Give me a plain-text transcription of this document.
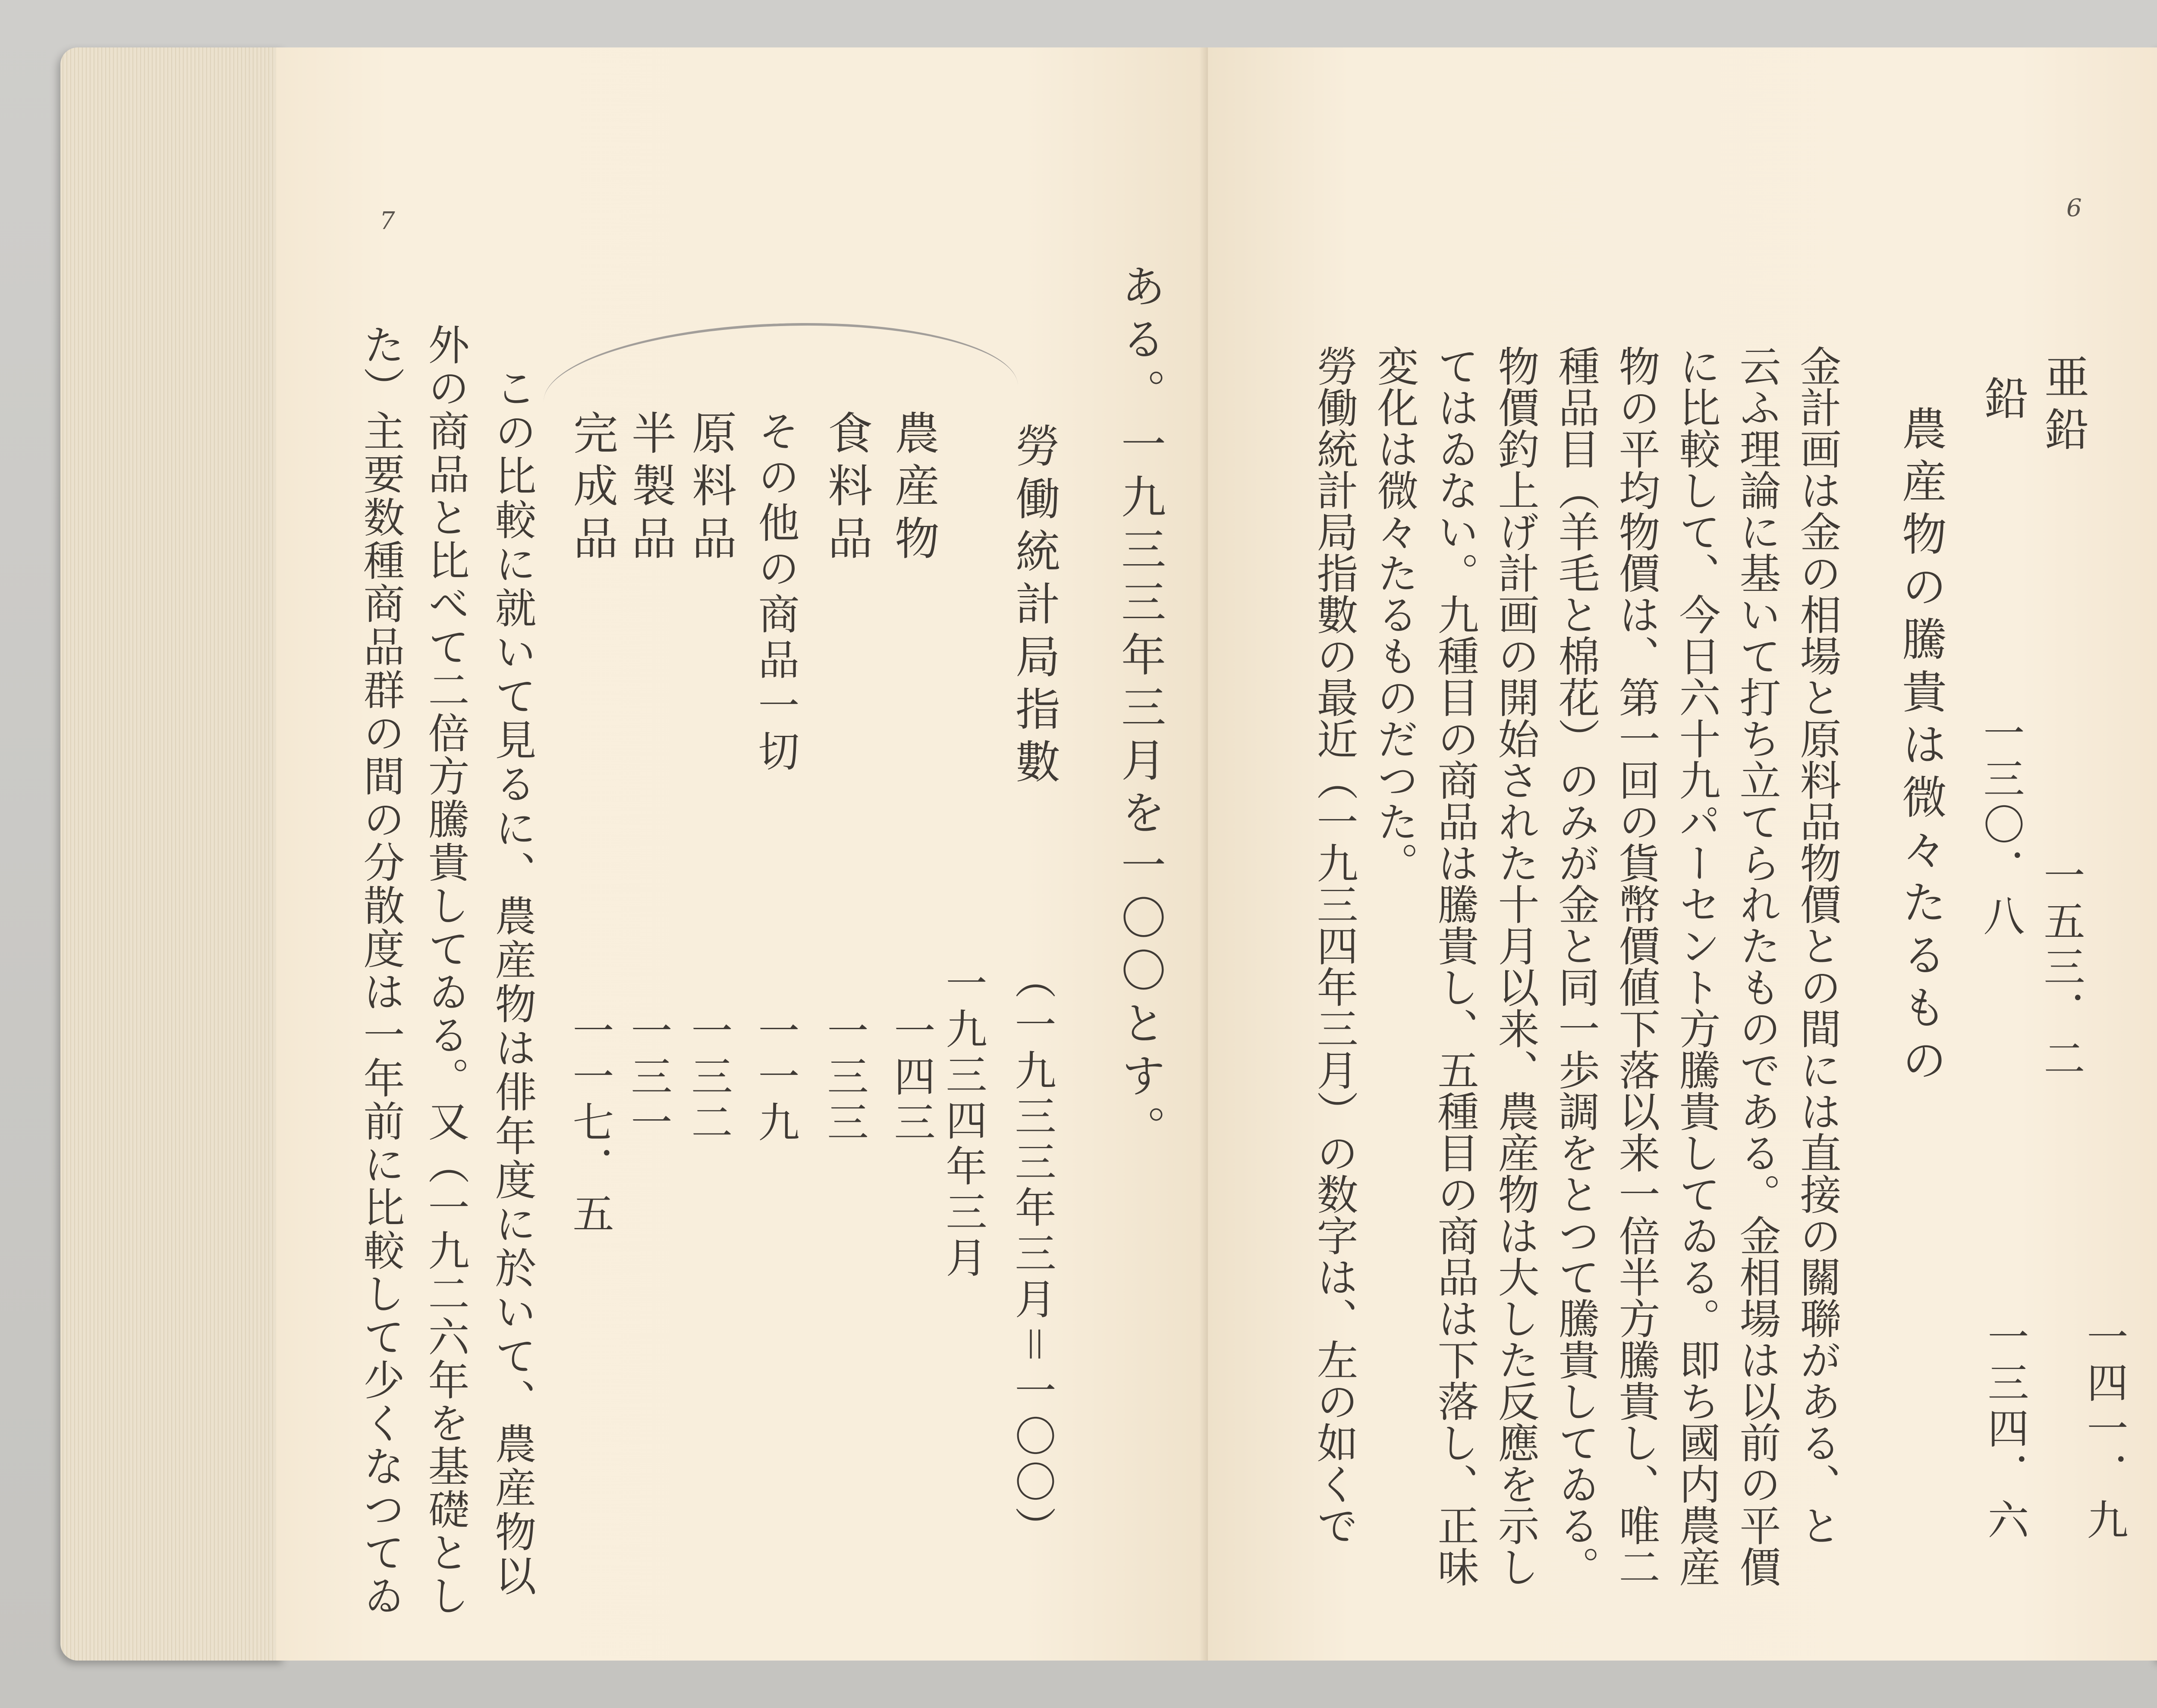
7
ある。一九三三年三月を一〇〇とす。
勞働統計局指數
（一九三三年三月＝一〇〇）
農産物
一九三四年三月
一四三
食料品
一三三
その他の商品一切
一一九
原料品
一三二
半製品
一三一
完成品
一一七．五
この比較に就いて見るに、農産物は俳年度に於いて、農産物以
外の商品と比べて二倍方騰貴してゐる。又（一九二六年を基礎とし
た）主要数種商品群の間の分散度は一年前に比較して少くなつてゐ
6
亜鉛
一五三．二
鉛
一三〇．八
一四一．九
一三四．六
農産物の騰貴は微々たるもの
金計画は金の相場と原料品物價との間には直接の關聯がある、と
云ふ理論に基いて打ち立てられたものである。金相場は以前の平價
に比較して、今日六十九パーセント方騰貴してゐる。即ち國内農産
物の平均物價は、第一回の貨幣價値下落以来一倍半方騰貴し、唯二
種品目（羊毛と棉花）のみが金と同一歩調をとつて騰貴してゐる。
物價釣上げ計画の開始された十月以来、農産物は大した反應を示し
てはゐない。九種目の商品は騰貴し、五種目の商品は下落し、正味
変化は微々たるものだつた。
勞働統計局指數の最近（一九三四年三月）の数字は、左の如くで
